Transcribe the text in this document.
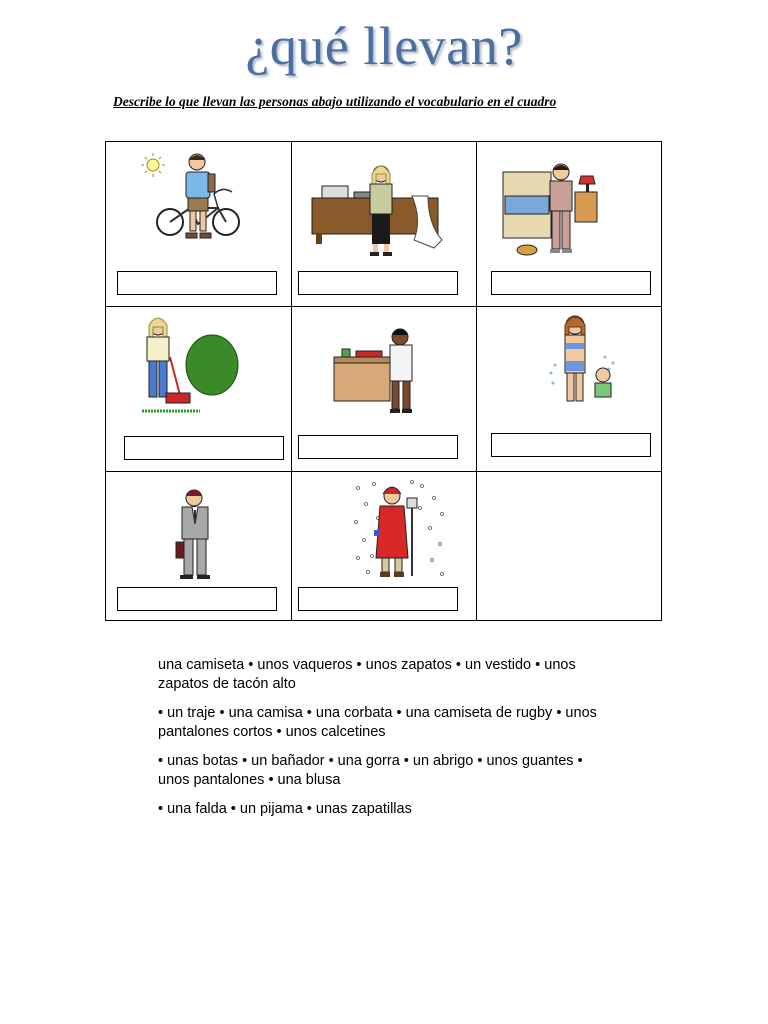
¿qué llevan?
Describe lo que llevan las personas abajo utilizando el vocabulario en el cuadro

una camiseta • unos vaqueros • unos zapatos • un vestido • unos zapatos de tacón alto

• un traje • una camisa • una corbata • una camiseta de rugby • unos pantalones cortos • unos calcetines

• unas botas • un bañador • una gorra • un abrigo • unos guantes • unos pantalones • una blusa

• una falda • un pijama • unas zapatillas
